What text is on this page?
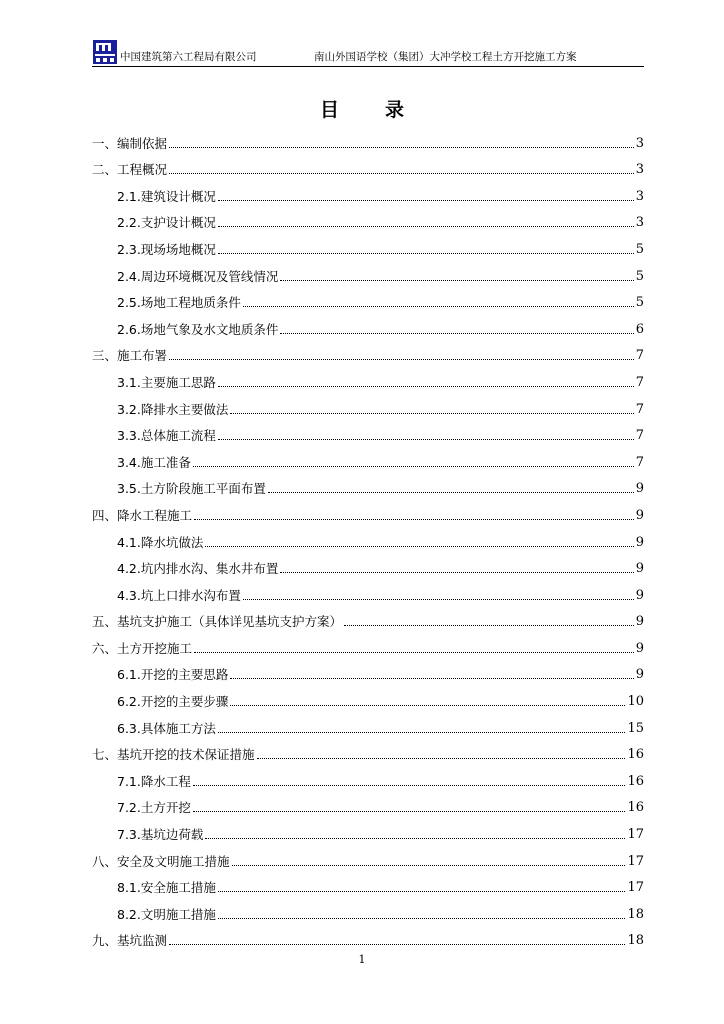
中国建筑第六工程局有限公司	南山外国语学校（集团）大冲学校工程土方开挖施工方案
目录
一、编制依据	3
二、工程概况	3
2.1.建筑设计概况	3
2.2.支护设计概况	3
2.3.现场场地概况	5
2.4.周边环境概况及管线情况	5
2.5.场地工程地质条件	5
2.6.场地气象及水文地质条件	6
三、施工布署	7
3.1.主要施工思路	7
3.2.降排水主要做法	7
3.3.总体施工流程	7
3.4.施工准备	7
3.5.土方阶段施工平面布置	9
四、降水工程施工	9
4.1.降水坑做法	9
4.2.坑内排水沟、集水井布置	9
4.3.坑上口排水沟布置	9
五、基坑支护施工（具体详见基坑支护方案）	9
六、土方开挖施工	9
6.1.开挖的主要思路	9
6.2.开挖的主要步骤	10
6.3.具体施工方法	15
七、基坑开挖的技术保证措施	16
7.1.降水工程	16
7.2.土方开挖	16
7.3.基坑边荷载	17
八、安全及文明施工措施	17
8.1.安全施工措施	17
8.2.文明施工措施	18
九、基坑监测	18
1
